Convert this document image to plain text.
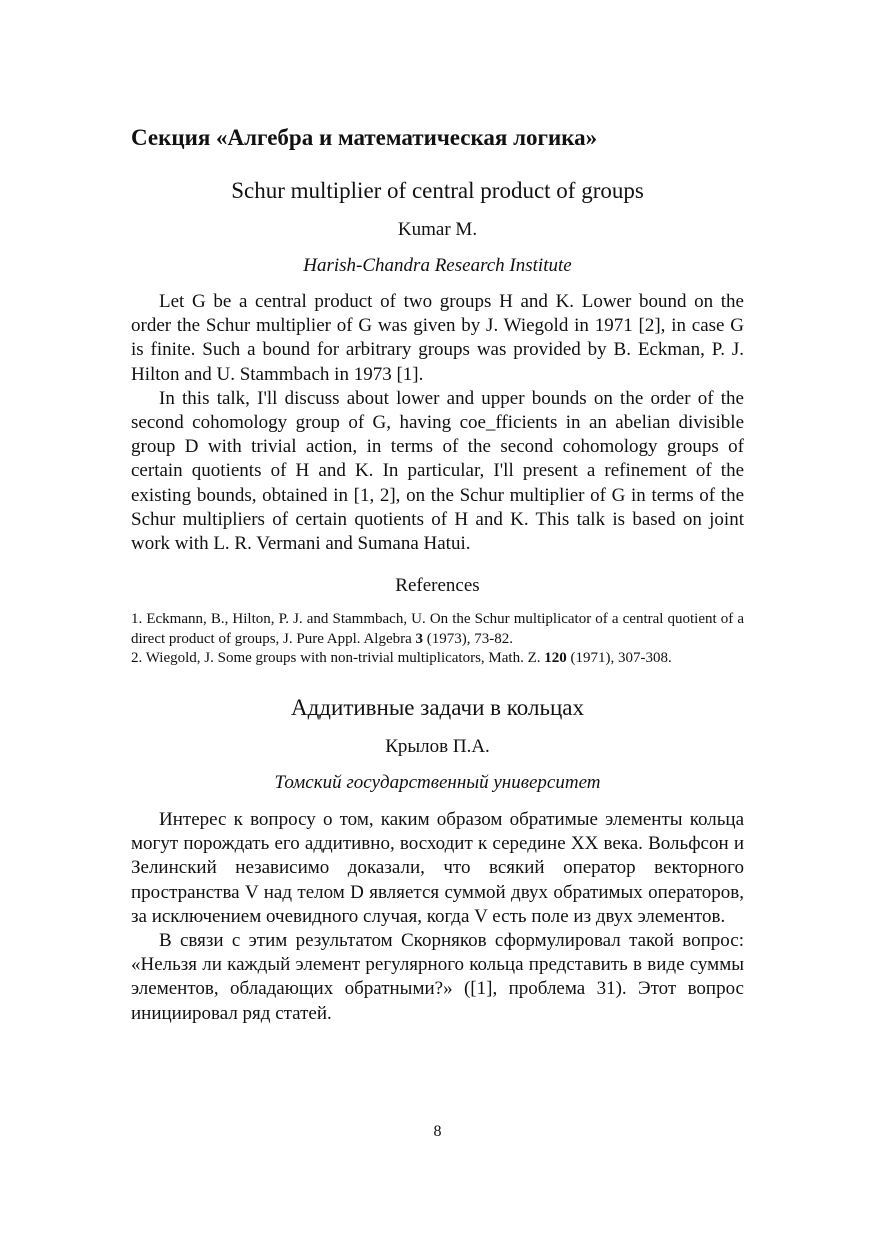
Секция «Алгебра и математическая логика»
Schur multiplier of central product of groups
Kumar M.
Harish-Chandra Research Institute

Let G be a central product of two groups H and K. Lower bound on the order the Schur multiplier of G was given by J. Wiegold in 1971 [2], in case G is finite. Such a bound for arbitrary groups was provided by B. Eckman, P. J. Hilton and U. Stammbach in 1973 [1].

In this talk, I'll discuss about lower and upper bounds on the order of the second cohomology group of G, having coe_fficients in an abelian divisible group D with trivial action, in terms of the second cohomology groups of certain quotients of H and K. In particular, I'll present a refinement of the existing bounds, obtained in [1, 2], on the Schur multiplier of G in terms of the Schur multipliers of certain quotients of H and K. This talk is based on joint work with L. R. Vermani and Sumana Hatui.

References
1. Eckmann, B., Hilton, P. J. and Stammbach, U. On the Schur multiplicator of a central quotient of a direct product of groups, J. Pure Appl. Algebra 3 (1973), 73-82.
2. Wiegold, J. Some groups with non-trivial multiplicators, Math. Z. 120 (1971), 307-308.
Аддитивные задачи в кольцах
Крылов П.А.
Томский государственный университет

Интерес к вопросу о том, каким образом обратимые элементы кольца могут порождать его аддитивно, восходит к середине XX века. Вольфсон и Зелинский независимо доказали, что всякий оператор векторного пространства V над телом D является суммой двух обратимых операторов, за исключением очевидного случая, когда V есть поле из двух элементов.

В связи с этим результатом Скорняков сформулировал такой вопрос: «Нельзя ли каждый элемент регулярного кольца представить в виде суммы элементов, обладающих обратными?» ([1], проблема 31). Этот вопрос инициировал ряд статей.

8
